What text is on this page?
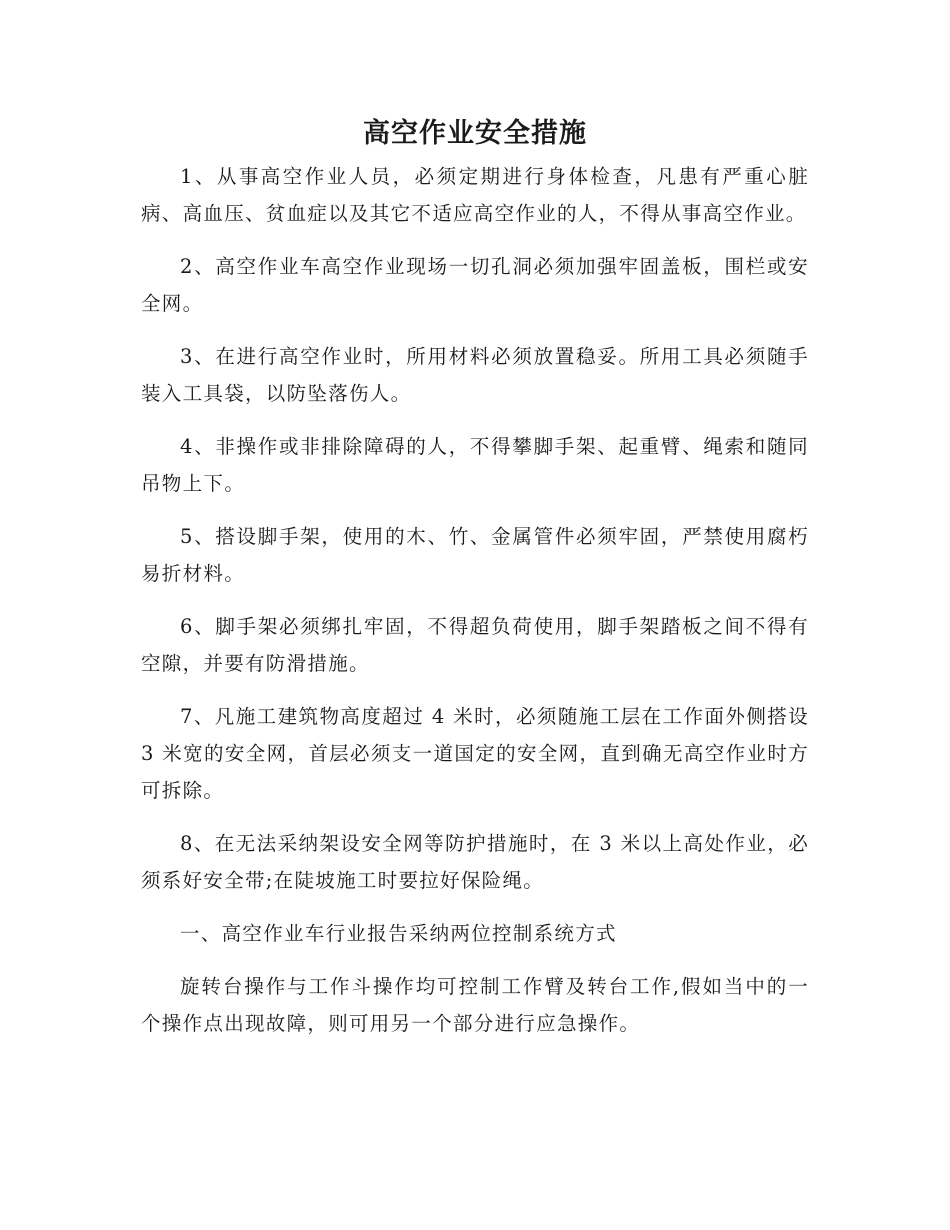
高空作业安全措施

1、从事高空作业人员，必须定期进行身体检查，凡患有严重心脏病、高血压、贫血症以及其它不适应高空作业的人，不得从事高空作业。

2、高空作业车高空作业现场一切孔洞必须加强牢固盖板，围栏或安全网。

3、在进行高空作业时，所用材料必须放置稳妥。所用工具必须随手装入工具袋，以防坠落伤人。

4、非操作或非排除障碍的人，不得攀脚手架、起重臂、绳索和随同吊物上下。

5、搭设脚手架，使用的木、竹、金属管件必须牢固，严禁使用腐朽易折材料。

6、脚手架必须绑扎牢固，不得超负荷使用，脚手架踏板之间不得有空隙，并要有防滑措施。

7、凡施工建筑物高度超过 4 米时，必须随施工层在工作面外侧搭设 3 米宽的安全网，首层必须支一道国定的安全网，直到确无高空作业时方可拆除。

8、在无法采纳架设安全网等防护措施时，在 3 米以上高处作业，必须系好安全带;在陡坡施工时要拉好保险绳。

一、高空作业车行业报告采纳两位控制系统方式

旋转台操作与工作斗操作均可控制工作臂及转台工作,假如当中的一个操作点出现故障，则可用另一个部分进行应急操作。
